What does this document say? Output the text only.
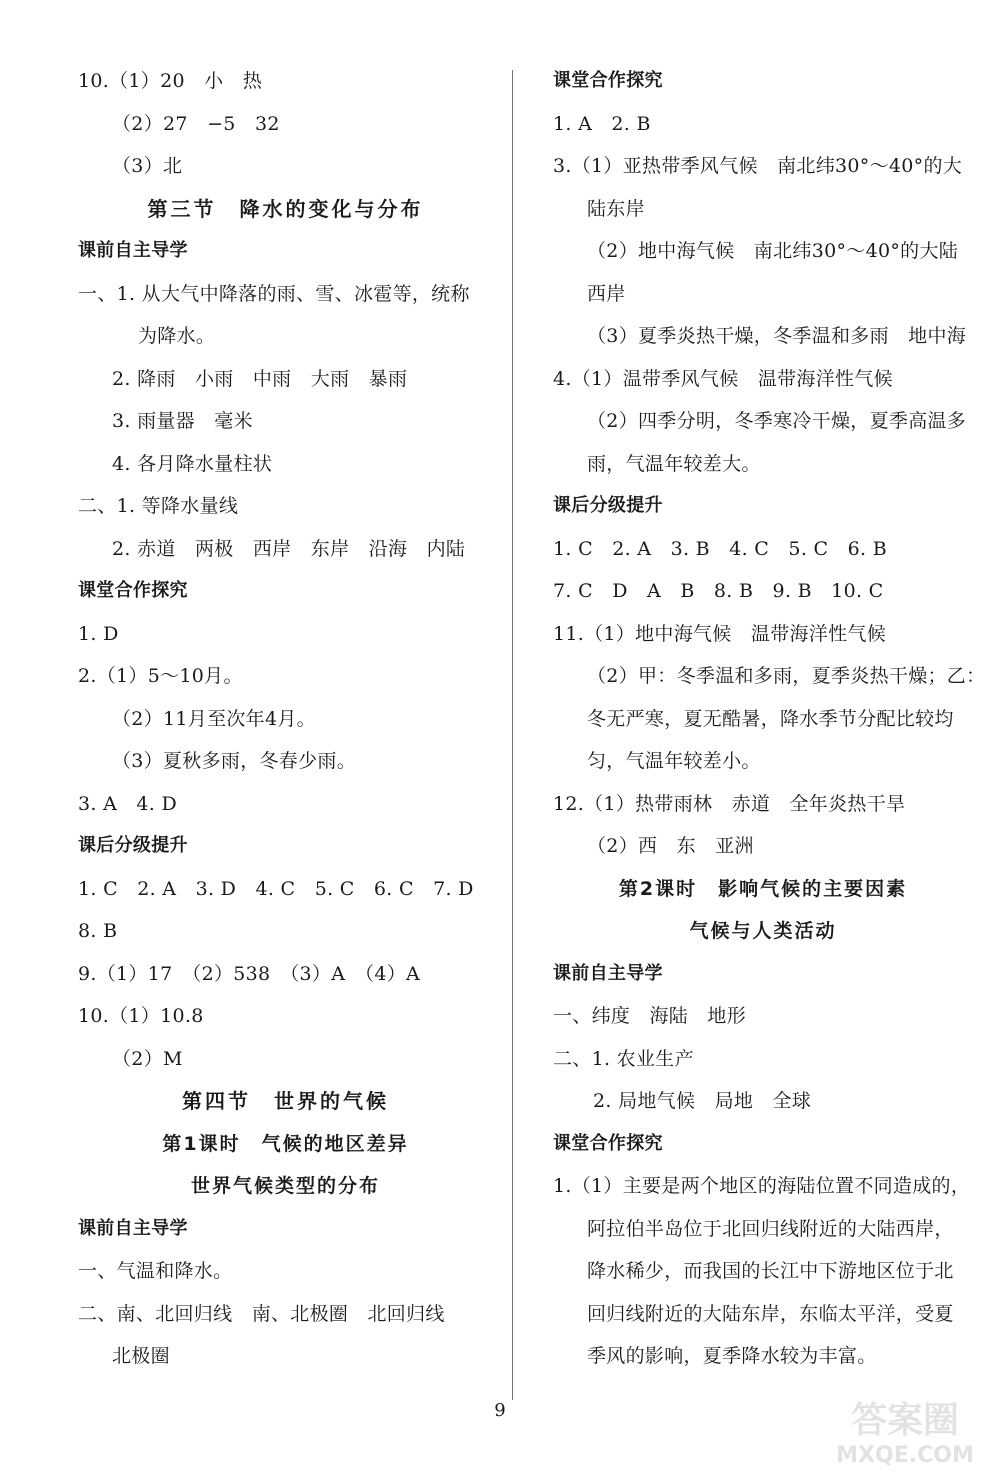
10.（1）20　小　热
（2）27　−5　32
（3）北
第三节　降水的变化与分布
课前自主导学
一、1. 从大气中降落的雨、雪、冰雹等，统称
为降水。
2. 降雨　小雨　中雨　大雨　暴雨
3. 雨量器　毫米
4. 各月降水量柱状
二、1. 等降水量线
2. 赤道　两极　西岸　东岸　沿海　内陆
课堂合作探究
1. D
2.（1）5～10月。
（2）11月至次年4月。
（3）夏秋多雨，冬春少雨。
3. A　4. D
课后分级提升
1. C　2. A　3. D　4. C　5. C　6. C　7. D
8. B
9.（1）17　（2）538　（3）A　（4）A
10.（1）10.8
（2）M
第四节　世界的气候
第1课时　气候的地区差异
世界气候类型的分布
课前自主导学
一、气温和降水。
二、南、北回归线　南、北极圈　北回归线
北极圈
课堂合作探究
1. A　2. B
3.（1）亚热带季风气候　南北纬30°～40°的大
陆东岸
（2）地中海气候　南北纬30°～40°的大陆
西岸
（3）夏季炎热干燥，冬季温和多雨　地中海
4.（1）温带季风气候　温带海洋性气候
（2）四季分明，冬季寒冷干燥，夏季高温多
雨，气温年较差大。
课后分级提升
1. C　2. A　3. B　4. C　5. C　6. B
7. C　D　A　B　8. B　9. B　10. C
11.（1）地中海气候　温带海洋性气候
（2）甲：冬季温和多雨，夏季炎热干燥；乙：
冬无严寒，夏无酷暑，降水季节分配比较均
匀，气温年较差小。
12.（1）热带雨林　赤道　全年炎热干旱
（2）西　东　亚洲
第2课时　影响气候的主要因素
气候与人类活动
课前自主导学
一、纬度　海陆　地形
二、1. 农业生产
2. 局地气候　局地　全球
课堂合作探究
1.（1）主要是两个地区的海陆位置不同造成的，
阿拉伯半岛位于北回归线附近的大陆西岸，
降水稀少，而我国的长江中下游地区位于北
回归线附近的大陆东岸，东临太平洋，受夏
季风的影响，夏季降水较为丰富。
9	答案圈
MXQE.COM
